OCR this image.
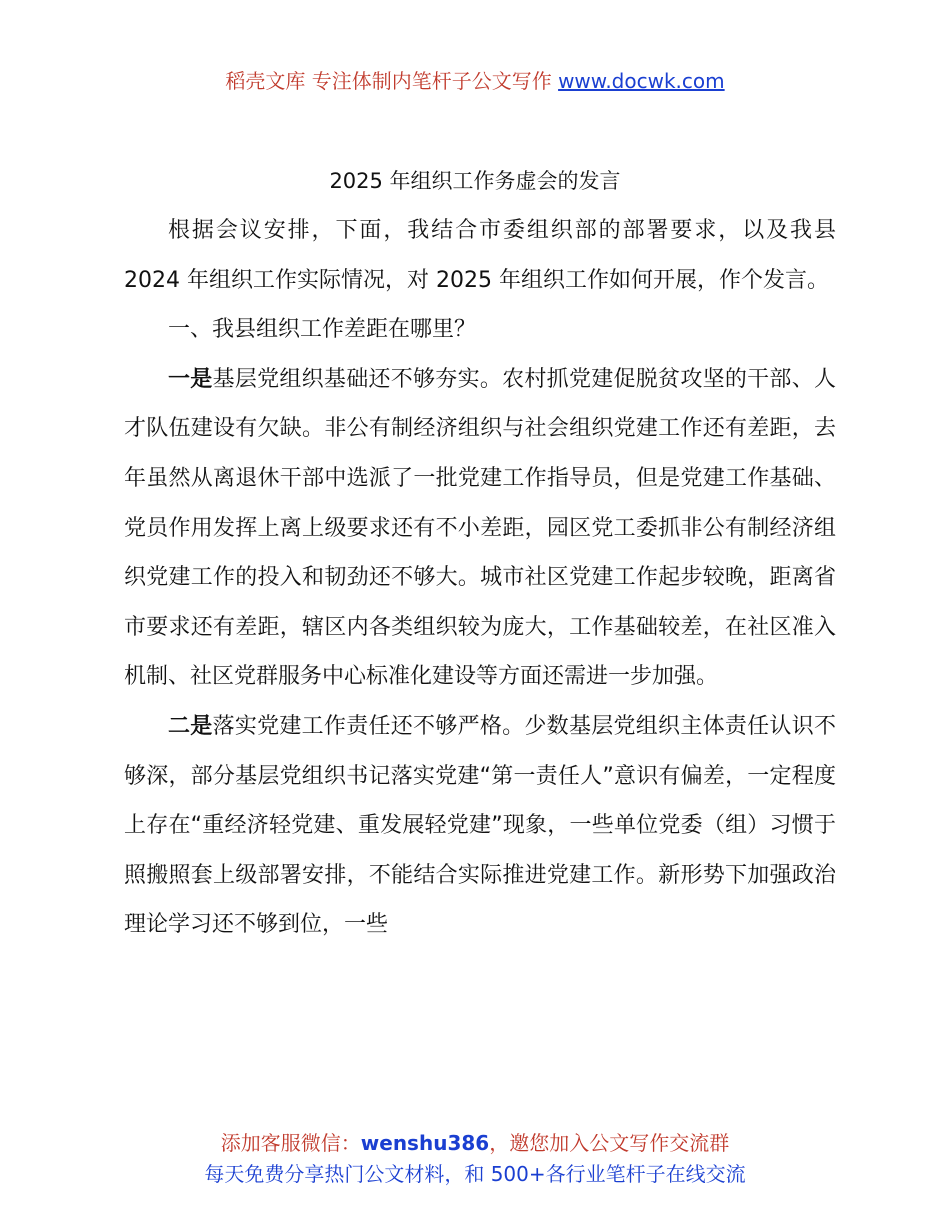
稻壳文库 专注体制内笔杆子公文写作 www.docwk.com
2025 年组织工作务虚会的发言

根据会议安排，下面，我结合市委组织部的部署要求，以及我县 2024 年组织工作实际情况，对 2025 年组织工作如何开展，作个发言。

一、我县组织工作差距在哪里？

一是基层党组织基础还不够夯实。农村抓党建促脱贫攻坚的干部、人才队伍建设有欠缺。非公有制经济组织与社会组织党建工作还有差距，去年虽然从离退休干部中选派了一批党建工作指导员，但是党建工作基础、党员作用发挥上离上级要求还有不小差距，园区党工委抓非公有制经济组织党建工作的投入和韧劲还不够大。城市社区党建工作起步较晚，距离省市要求还有差距，辖区内各类组织较为庞大，工作基础较差，在社区准入机制、社区党群服务中心标准化建设等方面还需进一步加强。

二是落实党建工作责任还不够严格。少数基层党组织主体责任认识不够深，部分基层党组织书记落实党建“第一责任人”意识有偏差，一定程度上存在“重经济轻党建、重发展轻党建”现象，一些单位党委（组）习惯于照搬照套上级部署安排，不能结合实际推进党建工作。新形势下加强政治理论学习还不够到位，一些

添加客服微信：wenshu386，邀您加入公文写作交流群
每天免费分享热门公文材料，和 500+各行业笔杆子在线交流
